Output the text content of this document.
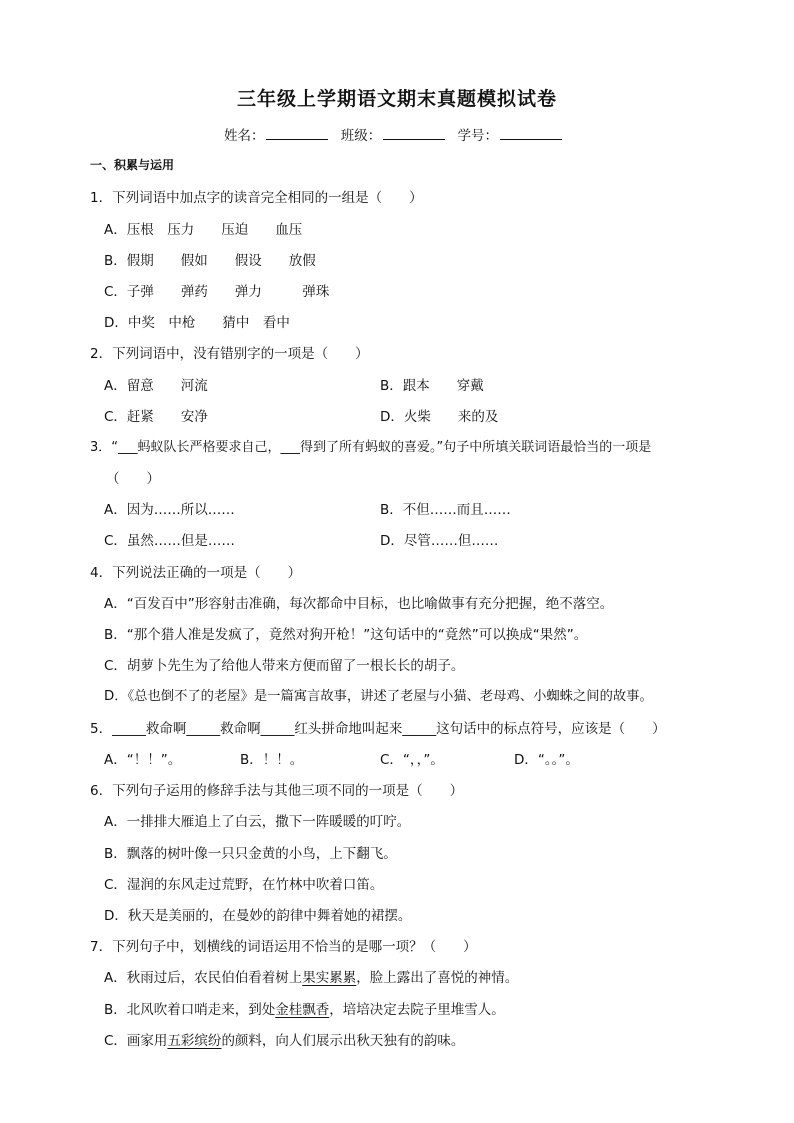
三年级上学期语文期末真题模拟试卷
姓名：	班级：	学号：
一、积累与运用
1．下列词语中加点字的读音完全相同的一组是（　　）
A．压根　压力　　压迫　　血压
B．假期　　假如　　假设　　放假
C．子弹　　弹药　　弹力　　　弹珠
D．中奖　中枪　　猜中　看中
2．下列词语中，没有错别字的一项是（　　）
A．留意　　河流	B．跟本　　穿戴
C．赶紧　　安净	D．火柴　　来的及
3．“___蚂蚁队长严格要求自己，___得到了所有蚂蚁的喜爱。”句子中所填关联词语最恰当的一项是
（　　）
A．因为……所以……	B．不但……而且……
C．虽然……但是……	D．尽管……但……
4．下列说法正确的一项是（　　）
A．“百发百中”形容射击准确，每次都命中目标，也比喻做事有充分把握，绝不落空。
B．“那个猎人准是发疯了，竟然对狗开枪！”这句话中的“竟然”可以换成“果然”。
C．胡萝卜先生为了给他人带来方便而留了一根长长的胡子。
D．《总也倒不了的老屋》是一篇寓言故事，讲述了老屋与小猫、老母鸡、小蜘蛛之间的故事。
5．_____救命啊_____救命啊_____红头拼命地叫起来_____这句话中的标点符号，应该是（　　）
A．“！！”。	B．！！。	C．“，，”。	D．“。。”。
6．下列句子运用的修辞手法与其他三项不同的一项是（　　）
A．一排排大雁追上了白云，撒下一阵暖暖的叮咛。
B．飘落的树叶像一只只金黄的小鸟，上下翻飞。
C．湿润的东风走过荒野，在竹林中吹着口笛。
D．秋天是美丽的，在曼妙的韵律中舞着她的裙摆。
7．下列句子中，划横线的词语运用不恰当的是哪一项？（　　）
A．秋雨过后，农民伯伯看着树上果实累累，脸上露出了喜悦的神情。
B．北风吹着口哨走来，到处金桂飘香，培培决定去院子里堆雪人。
C．画家用五彩缤纷的颜料，向人们展示出秋天独有的韵味。
